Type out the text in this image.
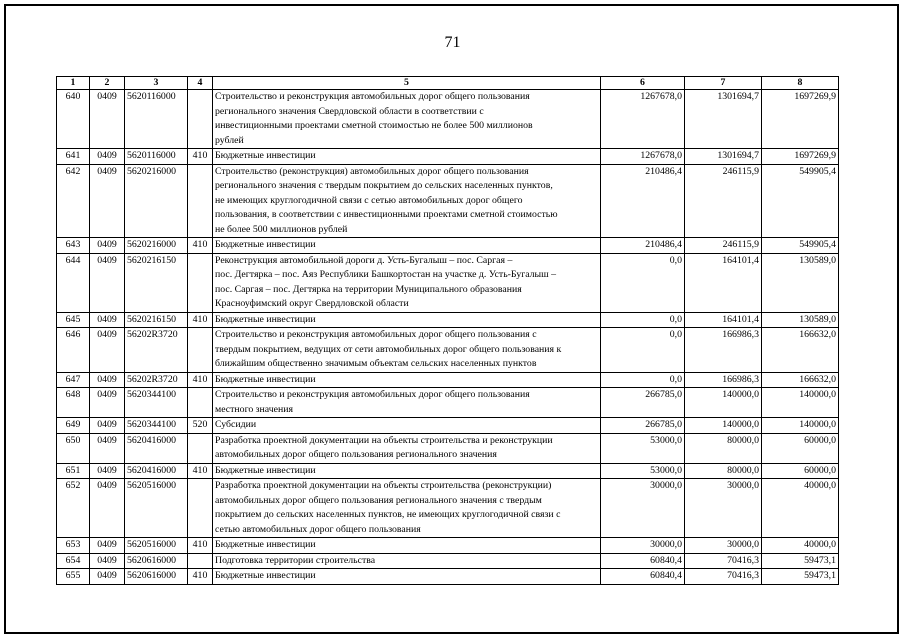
71
1	2	3	4	5	6	7	8
640	0409	5620116000		Строительство и реконструкция автомобильных дорог общего пользования
регионального значения Свердловской области в соответствии с
инвестиционными проектами сметной стоимостью не более 500 миллионов
рублей	1267678,0	1301694,7	1697269,9
641	0409	5620116000	410	Бюджетные инвестиции	1267678,0	1301694,7	1697269,9
642	0409	5620216000		Строительство (реконструкция) автомобильных дорог общего пользования
регионального значения с твердым покрытием до сельских населенных пунктов,
не имеющих круглогодичной связи с сетью автомобильных дорог общего
пользования, в соответствии с инвестиционными проектами сметной стоимостью
не более 500 миллионов рублей	210486,4	246115,9	549905,4
643	0409	5620216000	410	Бюджетные инвестиции	210486,4	246115,9	549905,4
644	0409	5620216150		Реконструкция автомобильной дороги д. Усть-Бугалыш – пос. Саргая –
пос. Дегтярка – пос. Аяз Республики Башкортостан на участке д. Усть-Бугалыш –
пос. Саргая – пос. Дегтярка на территории Муниципального образования
Красноуфимский округ Свердловской области	0,0	164101,4	130589,0
645	0409	5620216150	410	Бюджетные инвестиции	0,0	164101,4	130589,0
646	0409	56202R3720		Строительство и реконструкция автомобильных дорог общего пользования с
твердым покрытием, ведущих от сети автомобильных дорог общего пользования к
ближайшим общественно значимым объектам сельских населенных пунктов	0,0	166986,3	166632,0
647	0409	56202R3720	410	Бюджетные инвестиции	0,0	166986,3	166632,0
648	0409	5620344100		Строительство и реконструкция автомобильных дорог общего пользования
местного значения	266785,0	140000,0	140000,0
649	0409	5620344100	520	Субсидии	266785,0	140000,0	140000,0
650	0409	5620416000		Разработка проектной документации на объекты строительства и реконструкции
автомобильных дорог общего пользования регионального значения	53000,0	80000,0	60000,0
651	0409	5620416000	410	Бюджетные инвестиции	53000,0	80000,0	60000,0
652	0409	5620516000		Разработка проектной документации на объекты строительства (реконструкции)
автомобильных дорог общего пользования регионального значения с твердым
покрытием до сельских населенных пунктов, не имеющих круглогодичной связи с
сетью автомобильных дорог общего пользования	30000,0	30000,0	40000,0
653	0409	5620516000	410	Бюджетные инвестиции	30000,0	30000,0	40000,0
654	0409	5620616000		Подготовка территории строительства	60840,4	70416,3	59473,1
655	0409	5620616000	410	Бюджетные инвестиции	60840,4	70416,3	59473,1
